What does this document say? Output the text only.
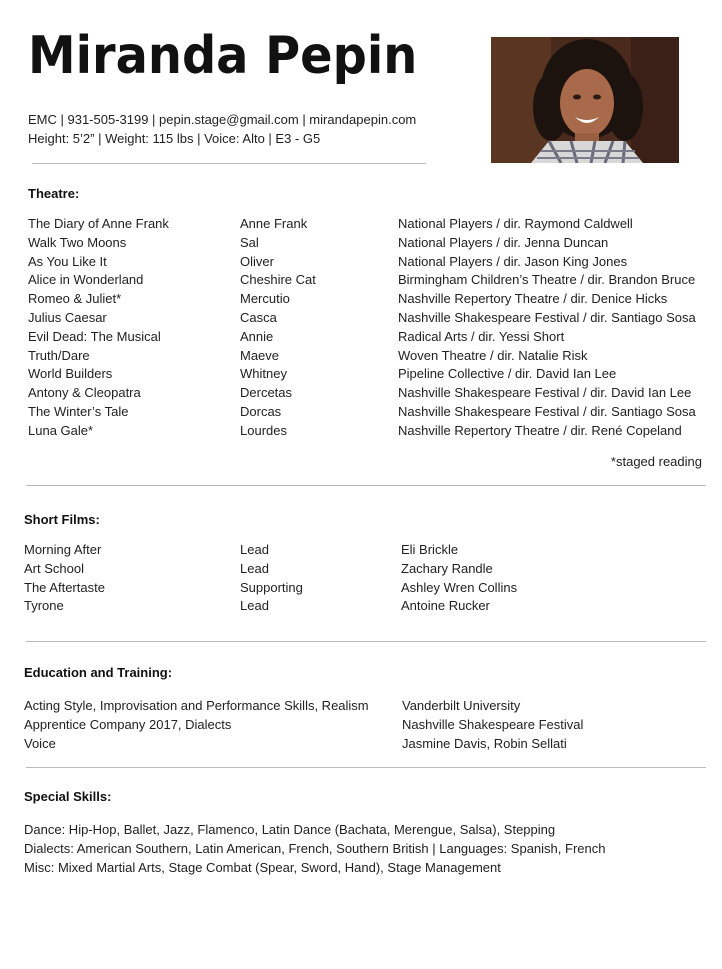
Miranda Pepin
EMC | 931-505-3199 | pepin.stage@gmail.com | mirandapepin.com
Height: 5’2” | Weight: 115 lbs | Voice: Alto | E3 - G5
Theatre:
The Diary of Anne Frank
Walk Two Moons
As You Like It
Alice in Wonderland
Romeo & Juliet*
Julius Caesar
Evil Dead: The Musical
Truth/Dare
World Builders
Antony & Cleopatra
The Winter’s Tale
Luna Gale*
Anne Frank
Sal
Oliver
Cheshire Cat
Mercutio
Casca
Annie
Maeve
Whitney
Dercetas
Dorcas
Lourdes
National Players / dir. Raymond Caldwell
National Players / dir. Jenna Duncan
National Players / dir. Jason King Jones
Birmingham Children’s Theatre / dir. Brandon Bruce
Nashville Repertory Theatre / dir. Denice Hicks
Nashville Shakespeare Festival / dir. Santiago Sosa
Radical Arts / dir. Yessi Short
Woven Theatre / dir. Natalie Risk
Pipeline Collective / dir. David Ian Lee
Nashville Shakespeare Festival / dir. David Ian Lee
Nashville Shakespeare Festival / dir. Santiago Sosa
Nashville Repertory Theatre / dir. René Copeland
*staged reading
Short Films:
Morning After
Art School
The Aftertaste
Tyrone
Lead
Lead
Supporting
Lead
Eli Brickle
Zachary Randle
Ashley Wren Collins
Antoine Rucker
Education and Training:
Acting Style, Improvisation and Performance Skills, Realism
Apprentice Company 2017, Dialects
Voice
Vanderbilt University
Nashville Shakespeare Festival
Jasmine Davis, Robin Sellati
Special Skills:
Dance: Hip-Hop, Ballet, Jazz, Flamenco, Latin Dance (Bachata, Merengue, Salsa), Stepping
Dialects: American Southern, Latin American, French, Southern British | Languages: Spanish, French
Misc: Mixed Martial Arts, Stage Combat (Spear, Sword, Hand), Stage Management
